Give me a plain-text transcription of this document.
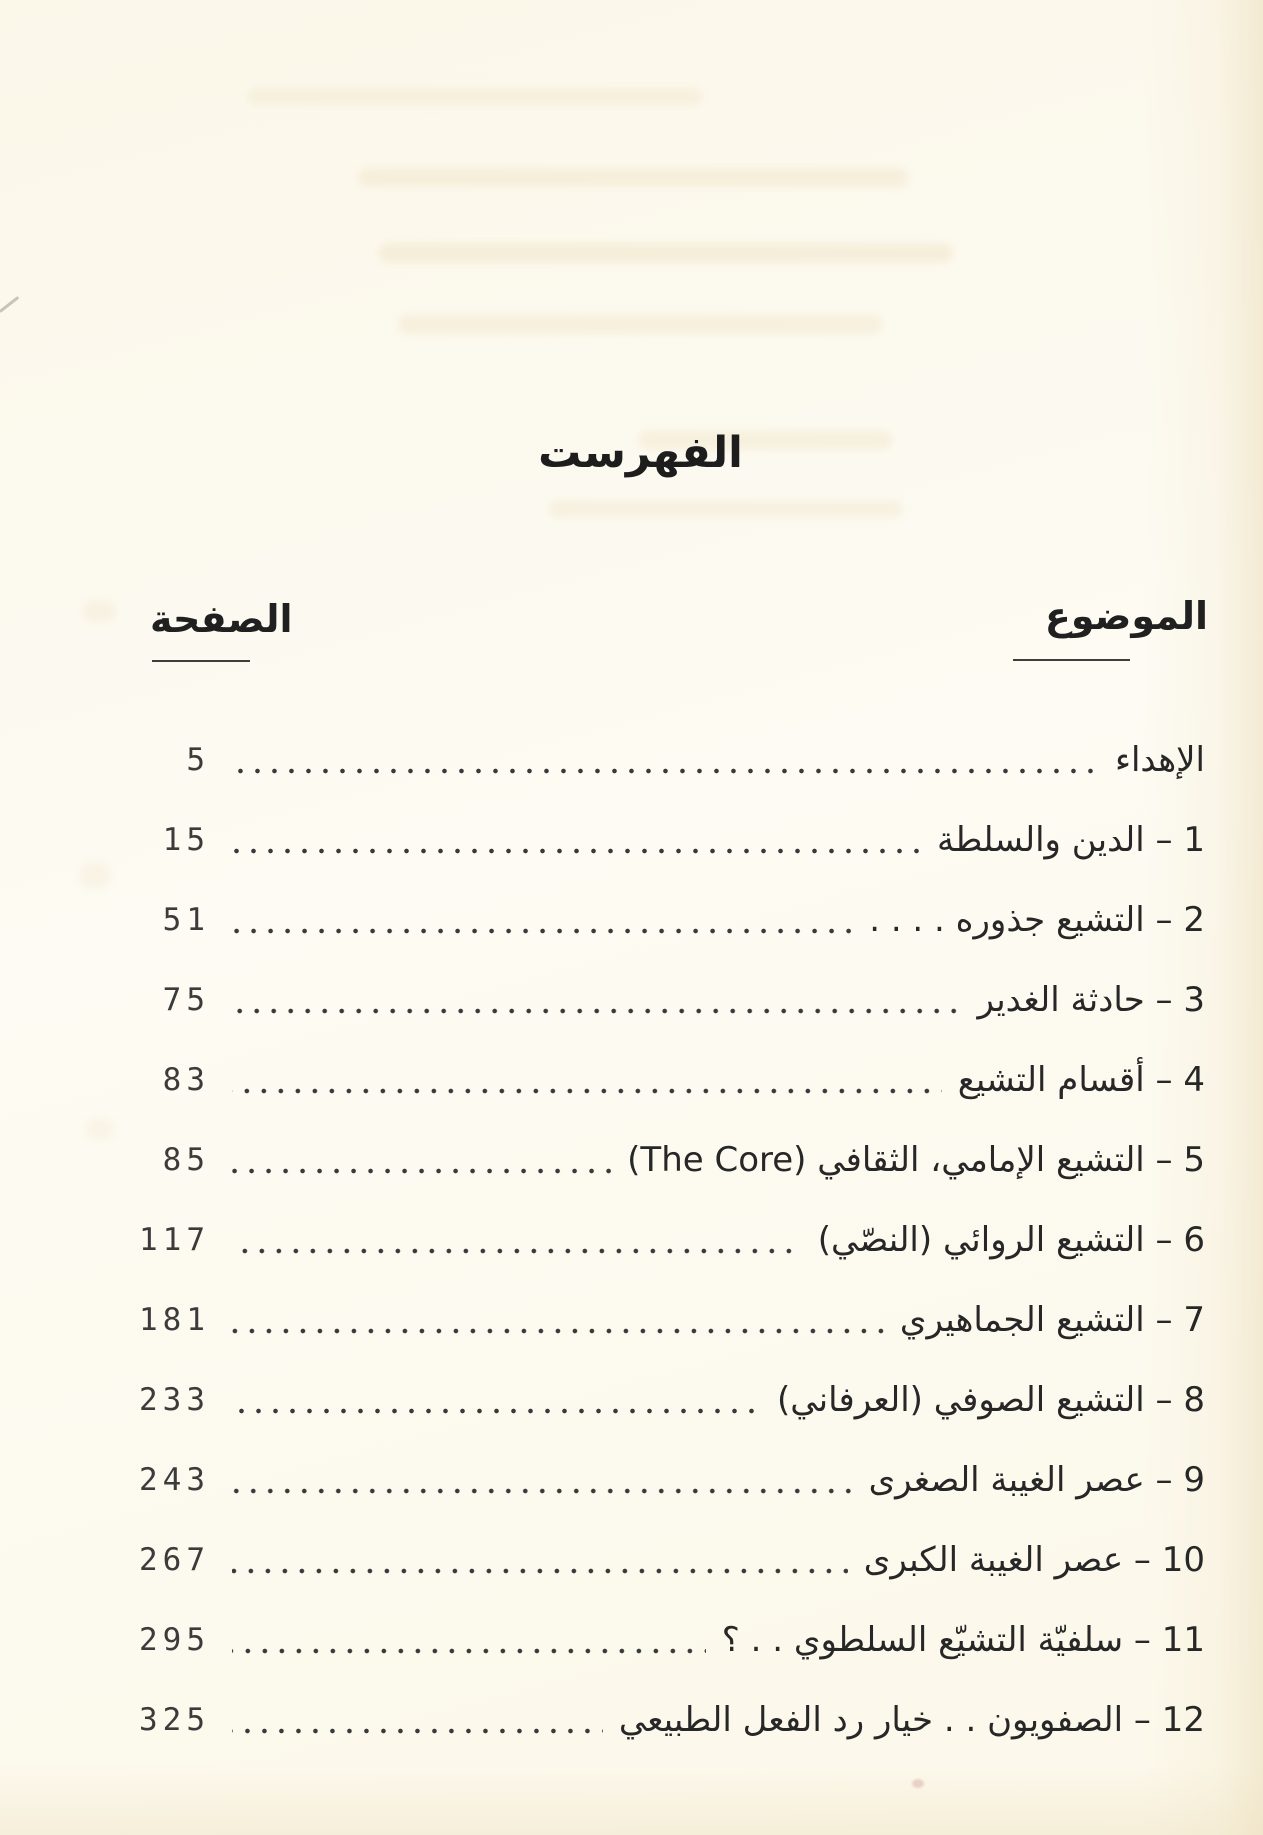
الفهرست

الموضوع

الصفحة

الإهداء
5
1 – الدين والسلطة
15
2 – التشيع جذوره . . . .
51
3 – حادثة الغدير
75
4 – أقسام التشيع
83
5 – التشيع الإمامي، الثقافي (The Core)
85
6 – التشيع الروائي (النصّي)
117
7 – التشيع الجماهيري
181
8 – التشيع الصوفي (العرفاني)
233
9 – عصر الغيبة الصغرى
243
10 – عصر الغيبة الكبرى
267
11 – سلفيّة التشيّع السلطوي . . ؟
295
12 – الصفويون . . خيار رد الفعل الطبيعي
325
